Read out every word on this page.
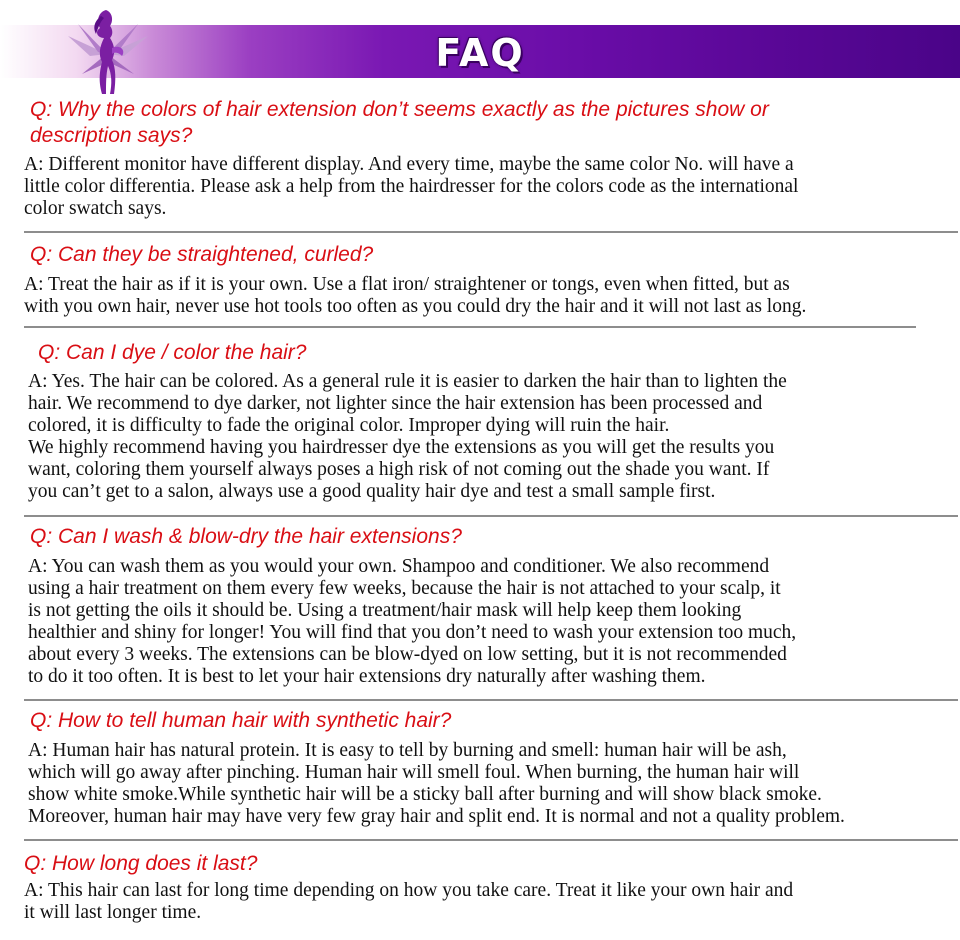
FAQ

Q: Why the colors of hair extension don’t seems exactly as the pictures show or

description says?

A: Different monitor have different display. And every time, maybe the same color No. will have a

little color differentia. Please ask a help from the hairdresser for the colors code as the international

color swatch says.

Q: Can they be straightened, curled?

A: Treat the hair as if it is your own. Use a flat iron/ straightener or tongs, even when fitted, but as

with you own hair, never use hot tools too often as you could dry the hair and it will not last as long.

Q: Can I dye / color the hair?

A: Yes. The hair can be colored. As a general rule it is easier to darken the hair than to lighten the

hair. We recommend to dye darker, not lighter since the hair extension has been processed and

colored, it is difficulty to fade the original color. Improper dying will ruin the hair.

We highly recommend having you hairdresser dye the extensions as you will get the results you

want, coloring them yourself always poses a high risk of not coming out the shade you want. If

you can’t get to a salon, always use a good quality hair dye and test a small sample first.

Q: Can I wash & blow-dry the hair extensions?

A: You can wash them as you would your own. Shampoo and conditioner. We also recommend

using a hair treatment on them every few weeks, because the hair is not attached to your scalp, it

is not getting the oils it should be. Using a treatment/hair mask will help keep them looking

healthier and shiny for longer! You will find that you don’t need to wash your extension too much,

about every 3 weeks. The extensions can be blow-dyed on low setting, but it is not recommended

to do it too often. It is best to let your hair extensions dry naturally after washing them.

Q: How to tell human hair with synthetic hair?

A: Human hair has natural protein. It is easy to tell by burning and smell: human hair will be ash,

which will go away after pinching. Human hair will smell foul. When burning, the human hair will

show white smoke.While synthetic hair will be a sticky ball after burning and will show black smoke.

Moreover, human hair may have very few gray hair and split end. It is normal and not a quality problem.

Q: How long does it last?

A: This hair can last for long time depending on how you take care. Treat it like your own hair and

it will last longer time.
